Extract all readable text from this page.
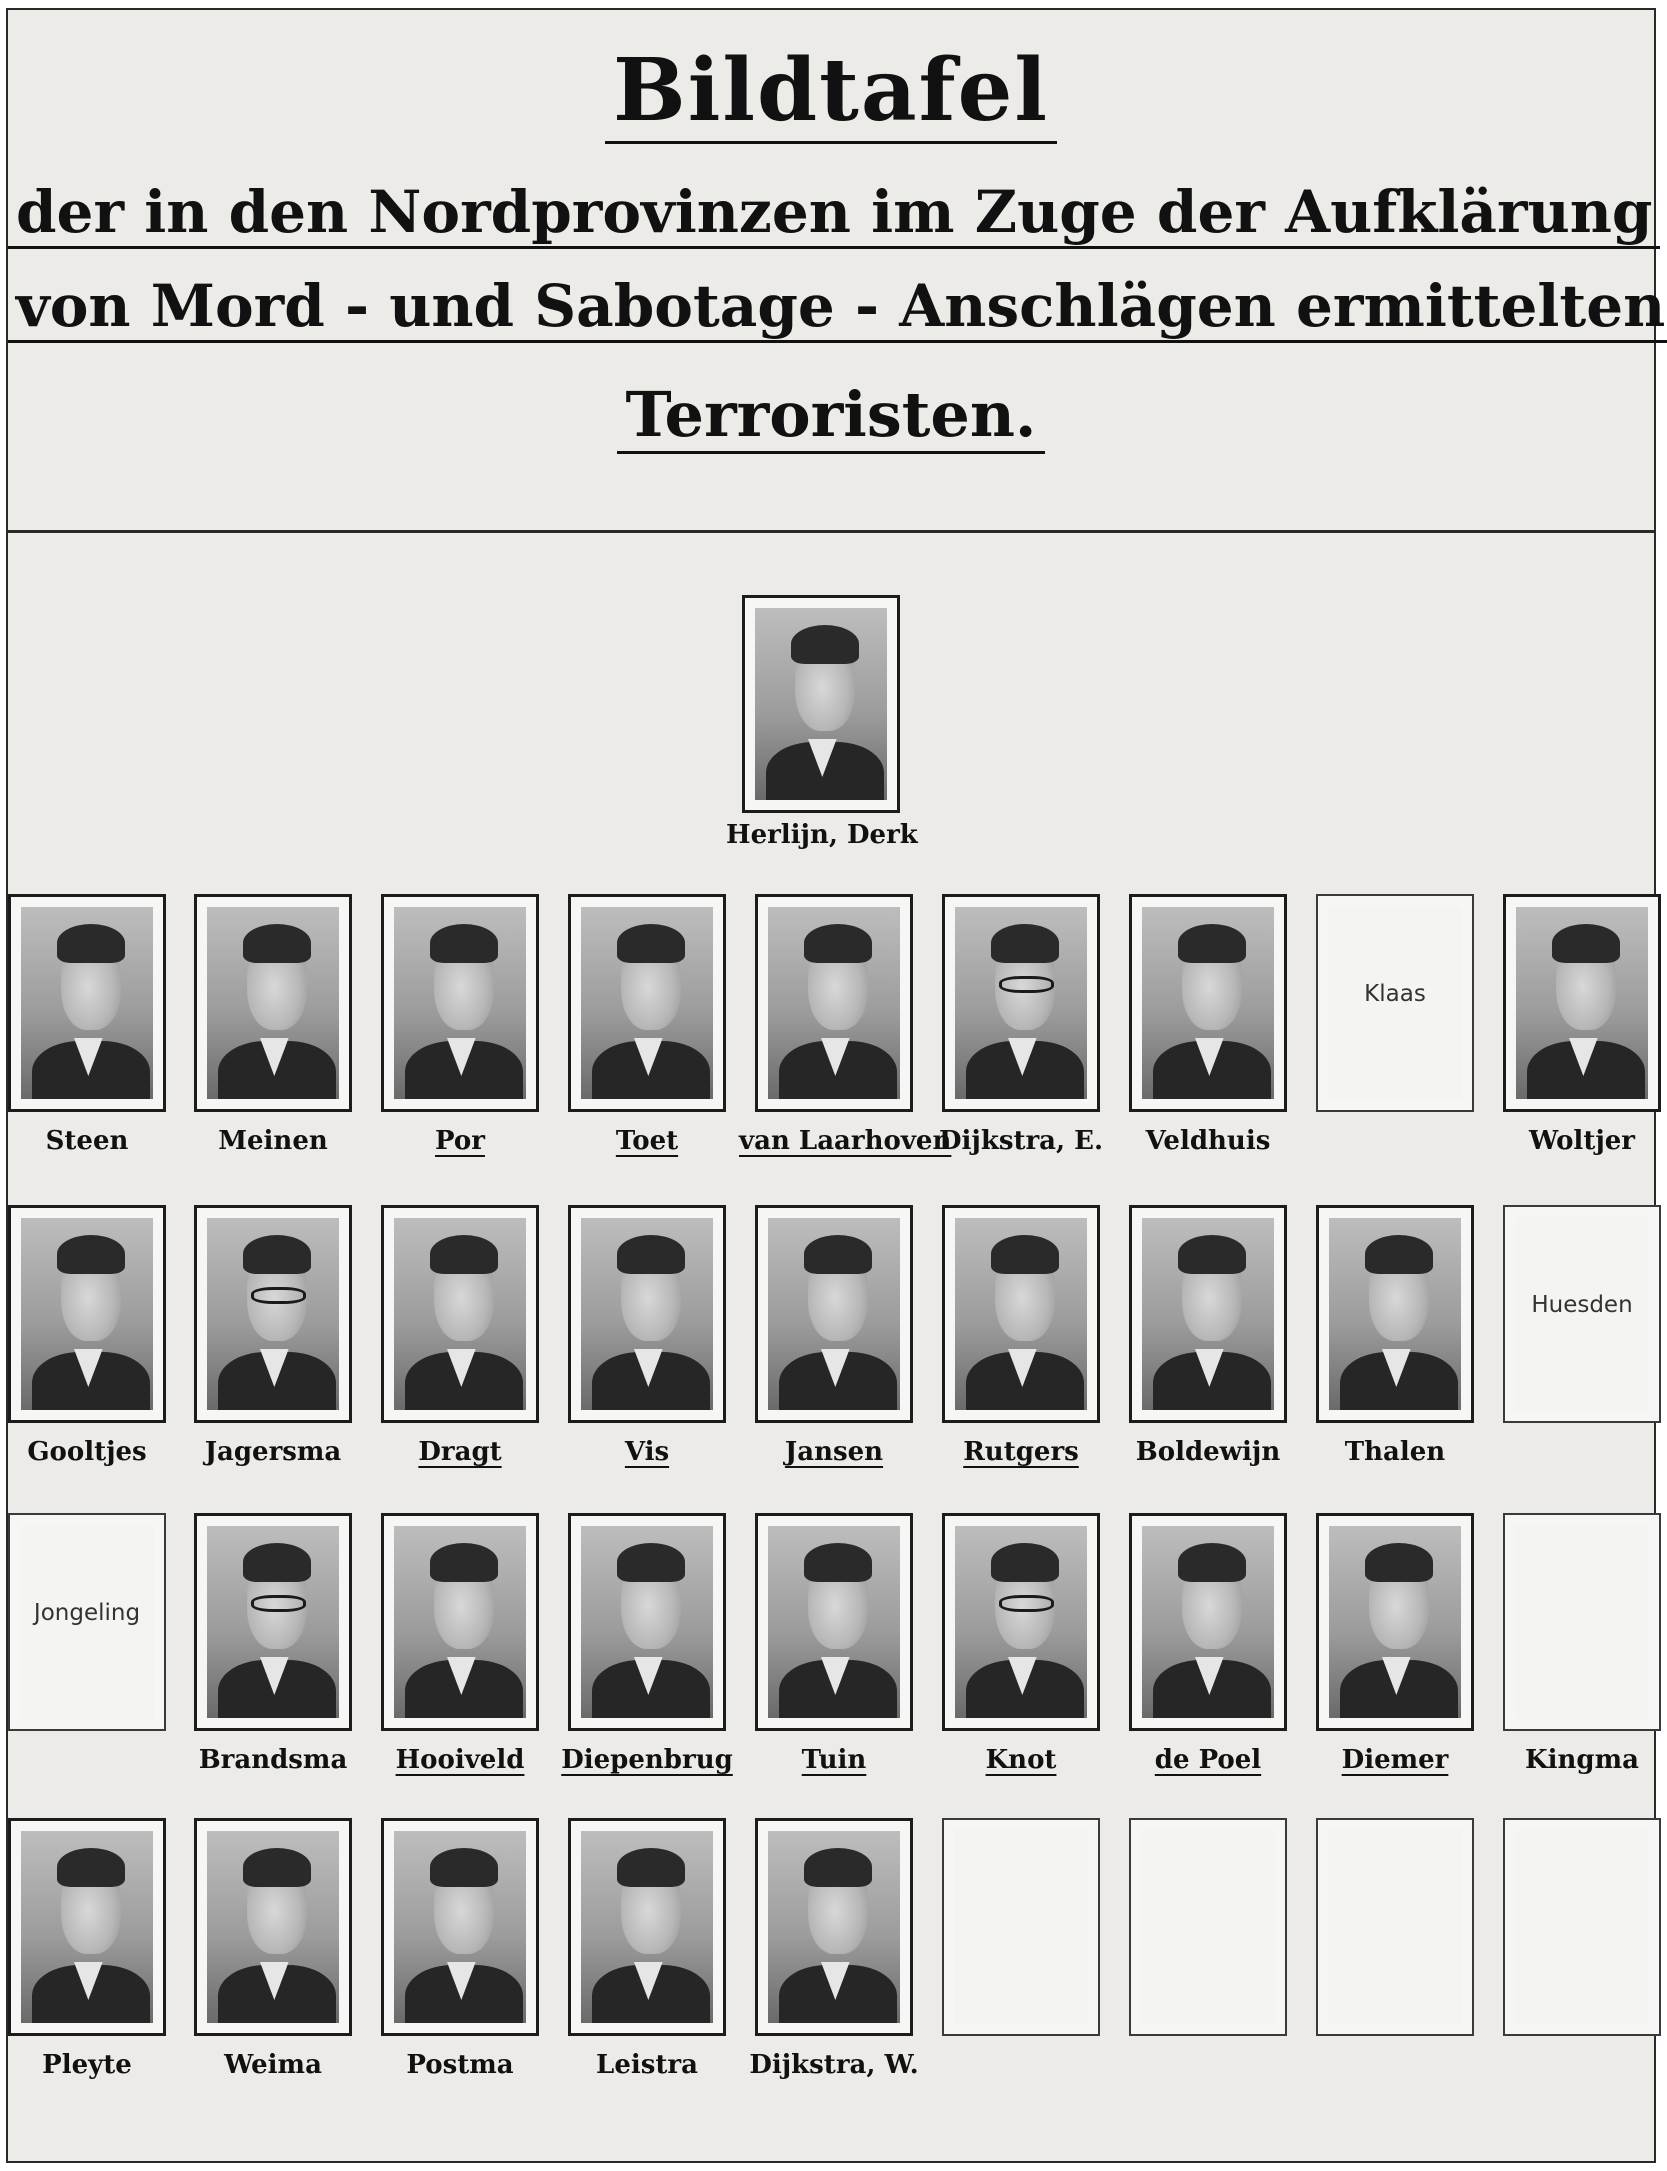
Bildtafel
der in den Nordprovinzen im Zuge der Aufklärung
von Mord - und Sabotage - Anschlägen ermittelten
Terroristen.
Herlijn, Derk
Steen	Meinen	Por	Toet	van Laarhoven
Dijkstra, E.	Veldhuis
Klaas
Woltjer
Gooltjes	Jagersma	Dragt	Vis	Jansen	Rutgers	Boldewijn	Thalen
Huesden
Jongeling
Brandsma	Hooiveld	Diepenbrug	Tuin	Knot	de Poel	Diemer	Kingma
Pleyte	Weima	Postma	Leistra	Dijkstra, W.
